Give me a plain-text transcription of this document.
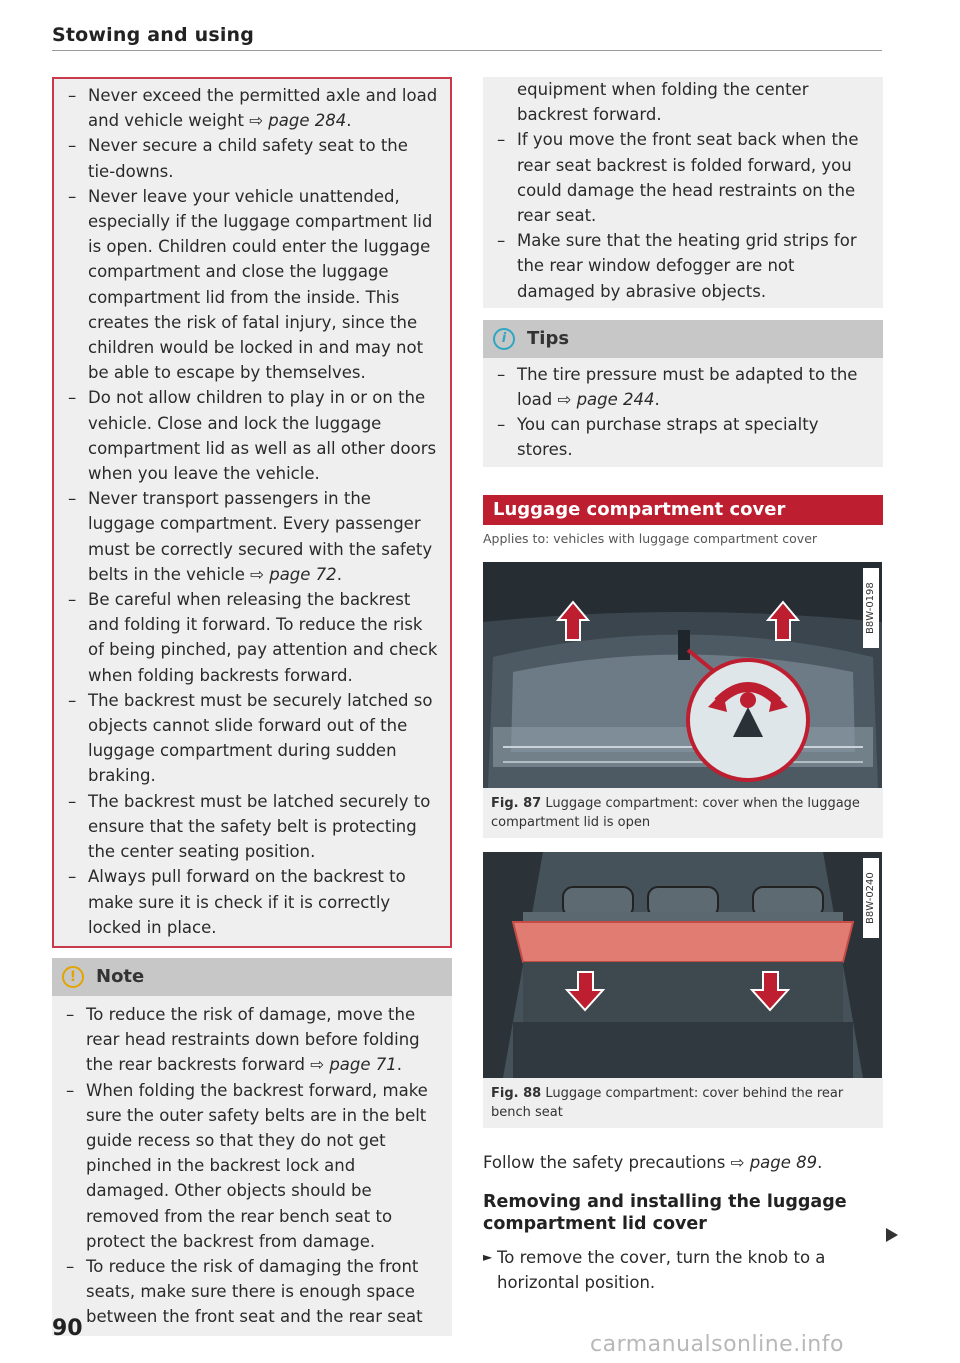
Stowing and using
– Never exceed the permitted axle and load and vehicle weight ⇨ page 284.
– Never secure a child safety seat to the tie-downs.
– Never leave your vehicle unattended, especially if the luggage compartment lid is open. Children could enter the luggage compartment and close the luggage compartment lid from the inside. This creates the risk of fatal injury, since the children would be locked in and may not be able to escape by themselves.
– Do not allow children to play in or on the vehicle. Close and lock the luggage compartment lid as well as all other doors when you leave the vehicle.
– Never transport passengers in the luggage compartment. Every passenger must be correctly secured with the safety belts in the vehicle ⇨ page 72.
– Be careful when releasing the backrest and folding it forward. To reduce the risk of being pinched, pay attention and check when folding backrests forward.
– The backrest must be securely latched so objects cannot slide forward out of the luggage compartment during sudden braking.
– The backrest must be latched securely to ensure that the safety belt is protecting the center seating position.
– Always pull forward on the backrest to make sure it is check if it is correctly locked in place.
!	Note
– To reduce the risk of damage, move the rear head restraints down before folding the rear backrests forward ⇨ page 71.
– When folding the backrest forward, make sure the outer safety belts are in the belt guide recess so that they do not get pinched in the backrest lock and damaged. Other objects should be removed from the rear bench seat to protect the backrest from damage.
– To reduce the risk of damaging the front seats, make sure there is enough space between the front seat and the rear seat
equipment when folding the center backrest forward.
– If you move the front seat back when the rear seat backrest is folded forward, you could damage the head restraints on the rear seat.
– Make sure that the heating grid strips for the rear window defogger are not damaged by abrasive objects.
i	Tips
– The tire pressure must be adapted to the load ⇨ page 244.
– You can purchase straps at specialty stores.
Luggage compartment cover
Applies to: vehicles with luggage compartment cover
B8W-0198
Fig. 87 Luggage compartment: cover when the luggage compartment lid is open
B8W-0240
Fig. 88 Luggage compartment: cover behind the rear bench seat
Follow the safety precautions ⇨ page 89.
Removing and installing the luggage compartment lid cover
► To remove the cover, turn the knob to a horizontal position.
90
carmanualsonline.info
